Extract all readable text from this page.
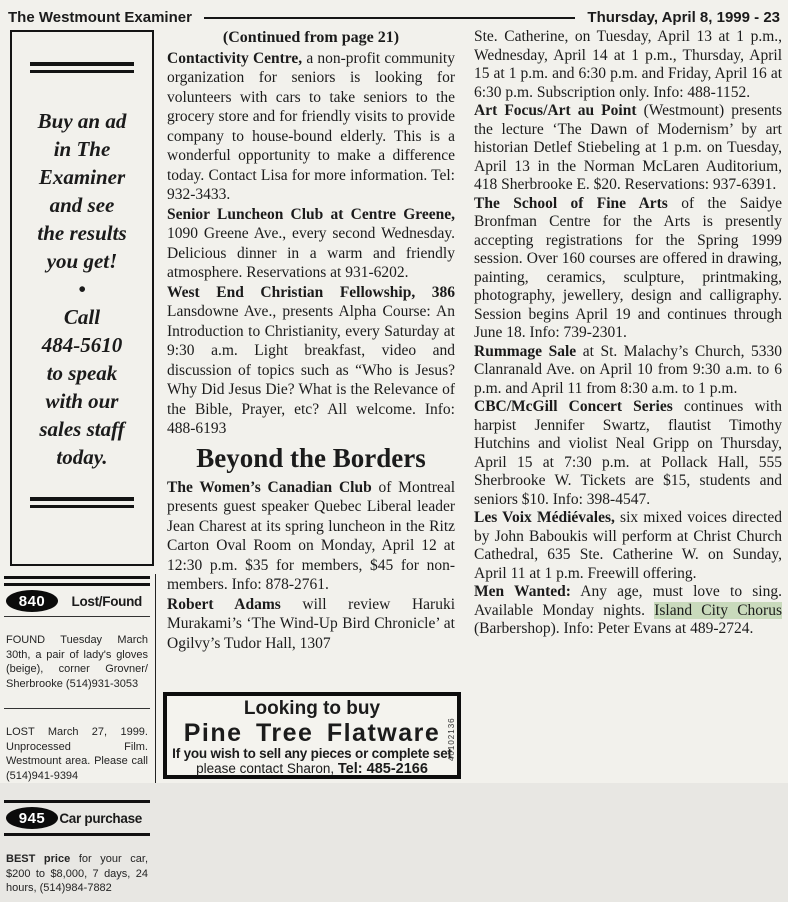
The Westmount Examiner	Thursday, April 8, 1999 - 23
Buy an ad
in The
Examiner
and see
the results
you get!
•
Call
484-5610
to speak
with our
sales staff
today.
840	Lost/Found

FOUND Tuesday March 30th, a pair of lady's gloves (beige), corner Grovner/ Sherbrooke (514)931-3053

LOST March 27, 1999. Unprocessed Film. Westmount area. Please call (514)941-9394

945	Car purchase

BEST price for your car, $200 to $8,000, 7 days, 24 hours, (514)984-7882

(Continued from page 21)

Contactivity Centre, a non-profit community organization for seniors is looking for volunteers with cars to take seniors to the grocery store and for friendly visits to provide company to house-bound elderly. This is a wonderful opportunity to make a difference today. Contact Lisa for more information. Tel: 932-3433.

Senior Luncheon Club at Centre Greene, 1090 Greene Ave., every second Wednesday. Delicious dinner in a warm and friendly atmosphere. Reservations at 931-6202.

West End Christian Fellowship, 386 Lansdowne Ave., presents Alpha Course: An Introduction to Christianity, every Saturday at 9:30 a.m. Light breakfast, video and discussion of topics such as “Who is Jesus? Why Did Jesus Die? What is the Relevance of the Bible, Prayer, etc? All welcome. Info: 488-6193

Beyond the Borders

The Women’s Canadian Club of Montreal presents guest speaker Quebec Liberal leader Jean Charest at its spring luncheon in the Ritz Carton Oval Room on Monday, April 12 at 12:30 p.m. $35 for members, $45 for non-members. Info: 878-2761.

Robert Adams will review Haruki Murakami’s ‘The Wind-Up Bird Chronicle’ at Ogilvy’s Tudor Hall, 1307

Ste. Catherine, on Tuesday, April 13 at 1 p.m., Wednesday, April 14 at 1 p.m., Thursday, April 15 at 1 p.m. and 6:30 p.m. and Friday, April 16 at 6:30 p.m. Subscription only. Info: 488-1152.

Art Focus/Art au Point (Westmount) presents the lecture ‘The Dawn of Modernism’ by art historian Detlef Stiebeling at 1 p.m. on Tuesday, April 13 in the Norman McLaren Auditorium, 418 Sherbrooke E. $20. Reservations: 937-6391.

The School of Fine Arts of the Saidye Bronfman Centre for the Arts is presently accepting registrations for the Spring 1999 session. Over 160 courses are offered in drawing, painting, ceramics, sculpture, printmaking, photography, jewellery, design and calligraphy. Session begins April 19 and continues through June 18. Info: 739-2301.

Rummage Sale at St. Malachy’s Church, 5330 Clanranald Ave. on April 10 from 9:30 a.m. to 6 p.m. and April 11 from 8:30 a.m. to 1 p.m.

CBC/McGill Concert Series continues with harpist Jennifer Swartz, flautist Timothy Hutchins and violist Neal Gripp on Thursday, April 15 at 7:30 p.m. at Pollack Hall, 555 Sherbrooke W. Tickets are $15, students and seniors $10. Info: 398-4547.

Les Voix Médiévales, six mixed voices directed by John Baboukis will perform at Christ Church Cathedral, 635 Ste. Catherine W. on Sunday, April 11 at 1 p.m. Freewill offering.

Men Wanted: Any age, must love to sing. Available Monday nights. Island City Chorus (Barbershop). Info: Peter Evans at 489-2724.

Looking to buy
Pine Tree Flatware
If you wish to sell any pieces or complete set
please contact Sharon, Tel: 485-2166
40102136
